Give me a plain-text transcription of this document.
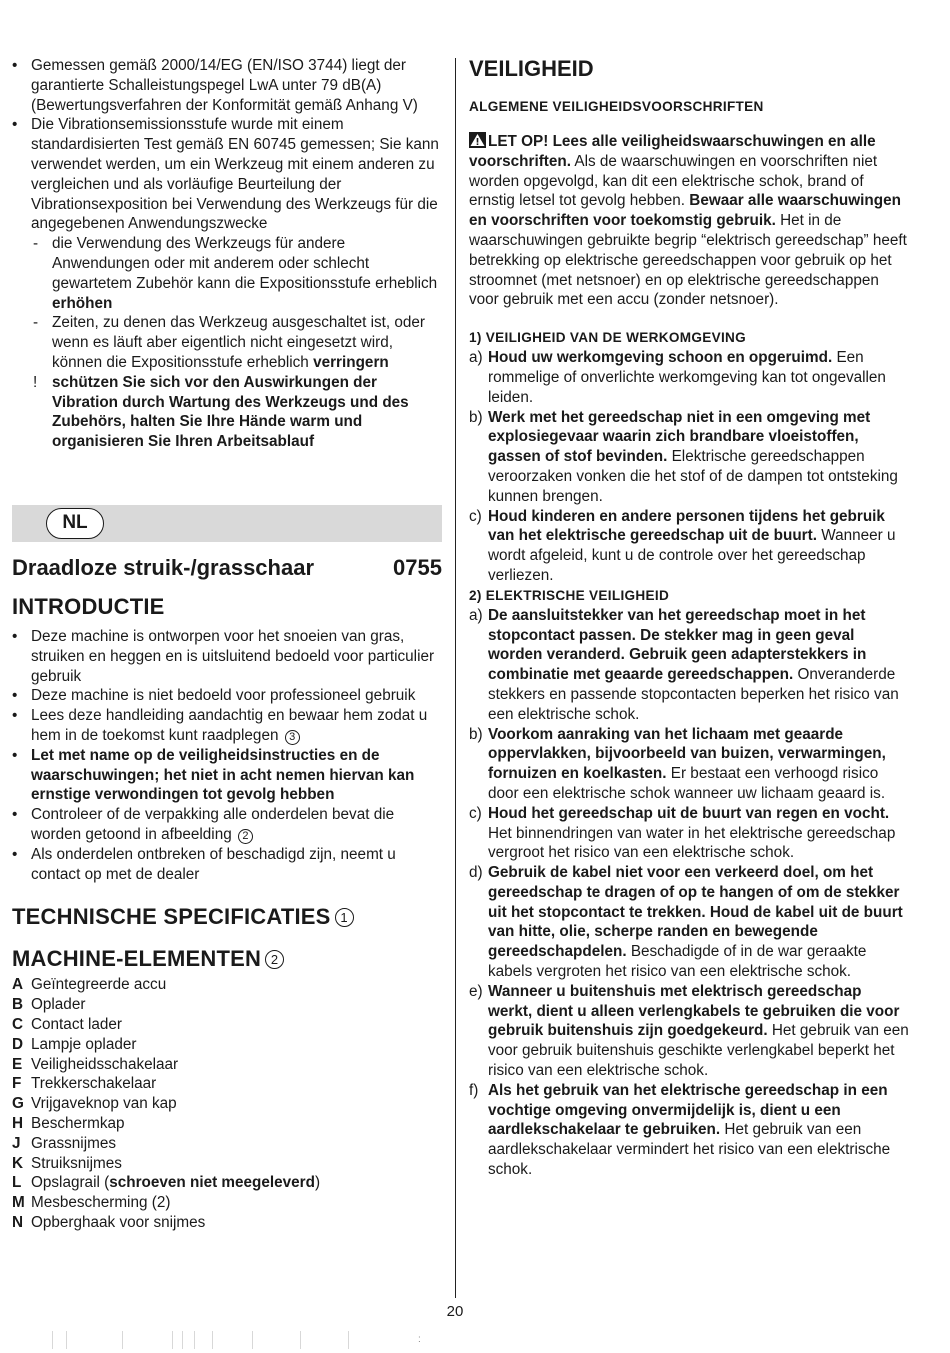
• Gemessen gemäß 2000/14/EG (EN/ISO 3744) liegt der garantierte Schalleistungspegel LwA unter 79 dB(A) (Bewertungsverfahren der Konformität gemäß Anhang V)
• Die Vibrationsemissionsstufe wurde mit einem standardisierten Test gemäß EN 60745 gemessen; Sie kann verwendet werden, um ein Werkzeug mit einem anderen zu vergleichen und als vorläufige Beurteilung der Vibrationsexposition bei Verwendung des Werkzeugs für die angegebenen Anwendungszwecke
- die Verwendung des Werkzeugs für andere Anwendungen oder mit anderem oder schlecht gewartetem Zubehör kann die Expositionsstufe erheblich erhöhen
- Zeiten, zu denen das Werkzeug ausgeschaltet ist, oder wenn es läuft aber eigentlich nicht eingesetzt wird, können die Expositionsstufe erheblich verringern
! schützen Sie sich vor den Auswirkungen der Vibration durch Wartung des Werkzeugs und des Zubehörs, halten Sie Ihre Hände warm und organisieren Sie Ihren Arbeitsablauf
NL
Draadloze struik-/grasschaar	0755
INTRODUCTIE
• Deze machine is ontworpen voor het snoeien van gras, struiken en heggen en is uitsluitend bedoeld voor particulier gebruik
• Deze machine is niet bedoeld voor professioneel gebruik
• Lees deze handleiding aandachtig en bewaar hem zodat u hem in de toekomst kunt raadplegen 3
• Let met name op de veiligheidsinstructies en de waarschuwingen; het niet in acht nemen hiervan kan ernstige verwondingen tot gevolg hebben
• Controleer of de verpakking alle onderdelen bevat die worden getoond in afbeelding 2
• Als onderdelen ontbreken of beschadigd zijn, neemt u contact op met de dealer
TECHNISCHE SPECIFICATIES 1
MACHINE-ELEMENTEN 2
A Geïntegreerde accu
B Oplader
C Contact lader
D Lampje oplader
E Veiligheidsschakelaar
F Trekkerschakelaar
G Vrijgaveknop van kap
H Beschermkap
J Grassnijmes
K Struiksnijmes
L Opslagrail (schroeven niet meegeleverd)
M Mesbescherming (2)
N Opberghaak voor snijmes
VEILIGHEID
ALGEMENE VEILIGHEIDSVOORSCHRIFTEN
LET OP! Lees alle veiligheidswaarschuwingen en alle voorschriften. Als de waarschuwingen en voorschriften niet worden opgevolgd, kan dit een elektrische schok, brand of ernstig letsel tot gevolg hebben. Bewaar alle waarschuwingen en voorschriften voor toekomstig gebruik. Het in de waarschuwingen gebruikte begrip “elektrisch gereedschap” heeft betrekking op elektrische gereedschappen voor gebruik op het stroomnet (met netsnoer) en op elektrische gereedschappen voor gebruik met een accu (zonder netsnoer).
1) VEILIGHEID VAN DE WERKOMGEVING
a) Houd uw werkomgeving schoon en opgeruimd. Een rommelige of onverlichte werkomgeving kan tot ongevallen leiden.
b) Werk met het gereedschap niet in een omgeving met explosiegevaar waarin zich brandbare vloeistoffen, gassen of stof bevinden. Elektrische gereedschappen veroorzaken vonken die het stof of de dampen tot ontsteking kunnen brengen.
c) Houd kinderen en andere personen tijdens het gebruik van het elektrische gereedschap uit de buurt. Wanneer u wordt afgeleid, kunt u de controle over het gereedschap verliezen.
2) ELEKTRISCHE VEILIGHEID
a) De aansluitstekker van het gereedschap moet in het stopcontact passen. De stekker mag in geen geval worden veranderd. Gebruik geen adapterstekkers in combinatie met geaarde gereedschappen. Onveranderde stekkers en passende stopcontacten beperken het risico van een elektrische schok.
b) Voorkom aanraking van het lichaam met geaarde oppervlakken, bijvoorbeeld van buizen, verwarmingen, fornuizen en koelkasten. Er bestaat een verhoogd risico door een elektrische schok wanneer uw lichaam geaard is.
c) Houd het gereedschap uit de buurt van regen en vocht. Het binnendringen van water in het elektrische gereedschap vergroot het risico van een elektrische schok.
d) Gebruik de kabel niet voor een verkeerd doel, om het gereedschap te dragen of op te hangen of om de stekker uit het stopcontact te trekken. Houd de kabel uit de buurt van hitte, olie, scherpe randen en bewegende gereedschapdelen. Beschadigde of in de war geraakte kabels vergroten het risico van een elektrische schok.
e) Wanneer u buitenshuis met elektrisch gereedschap werkt, dient u alleen verlengkabels te gebruiken die voor gebruik buitenshuis zijn goedgekeurd. Het gebruik van een voor gebruik buitenshuis geschikte verlengkabel beperkt het risico van een elektrische schok.
f) Als het gebruik van het elektrische gereedschap in een vochtige omgeving onvermijdelijk is, dient u een aardlekschakelaar te gebruiken. Het gebruik van een aardlekschakelaar vermindert het risico van een elektrische schok.
20
:
